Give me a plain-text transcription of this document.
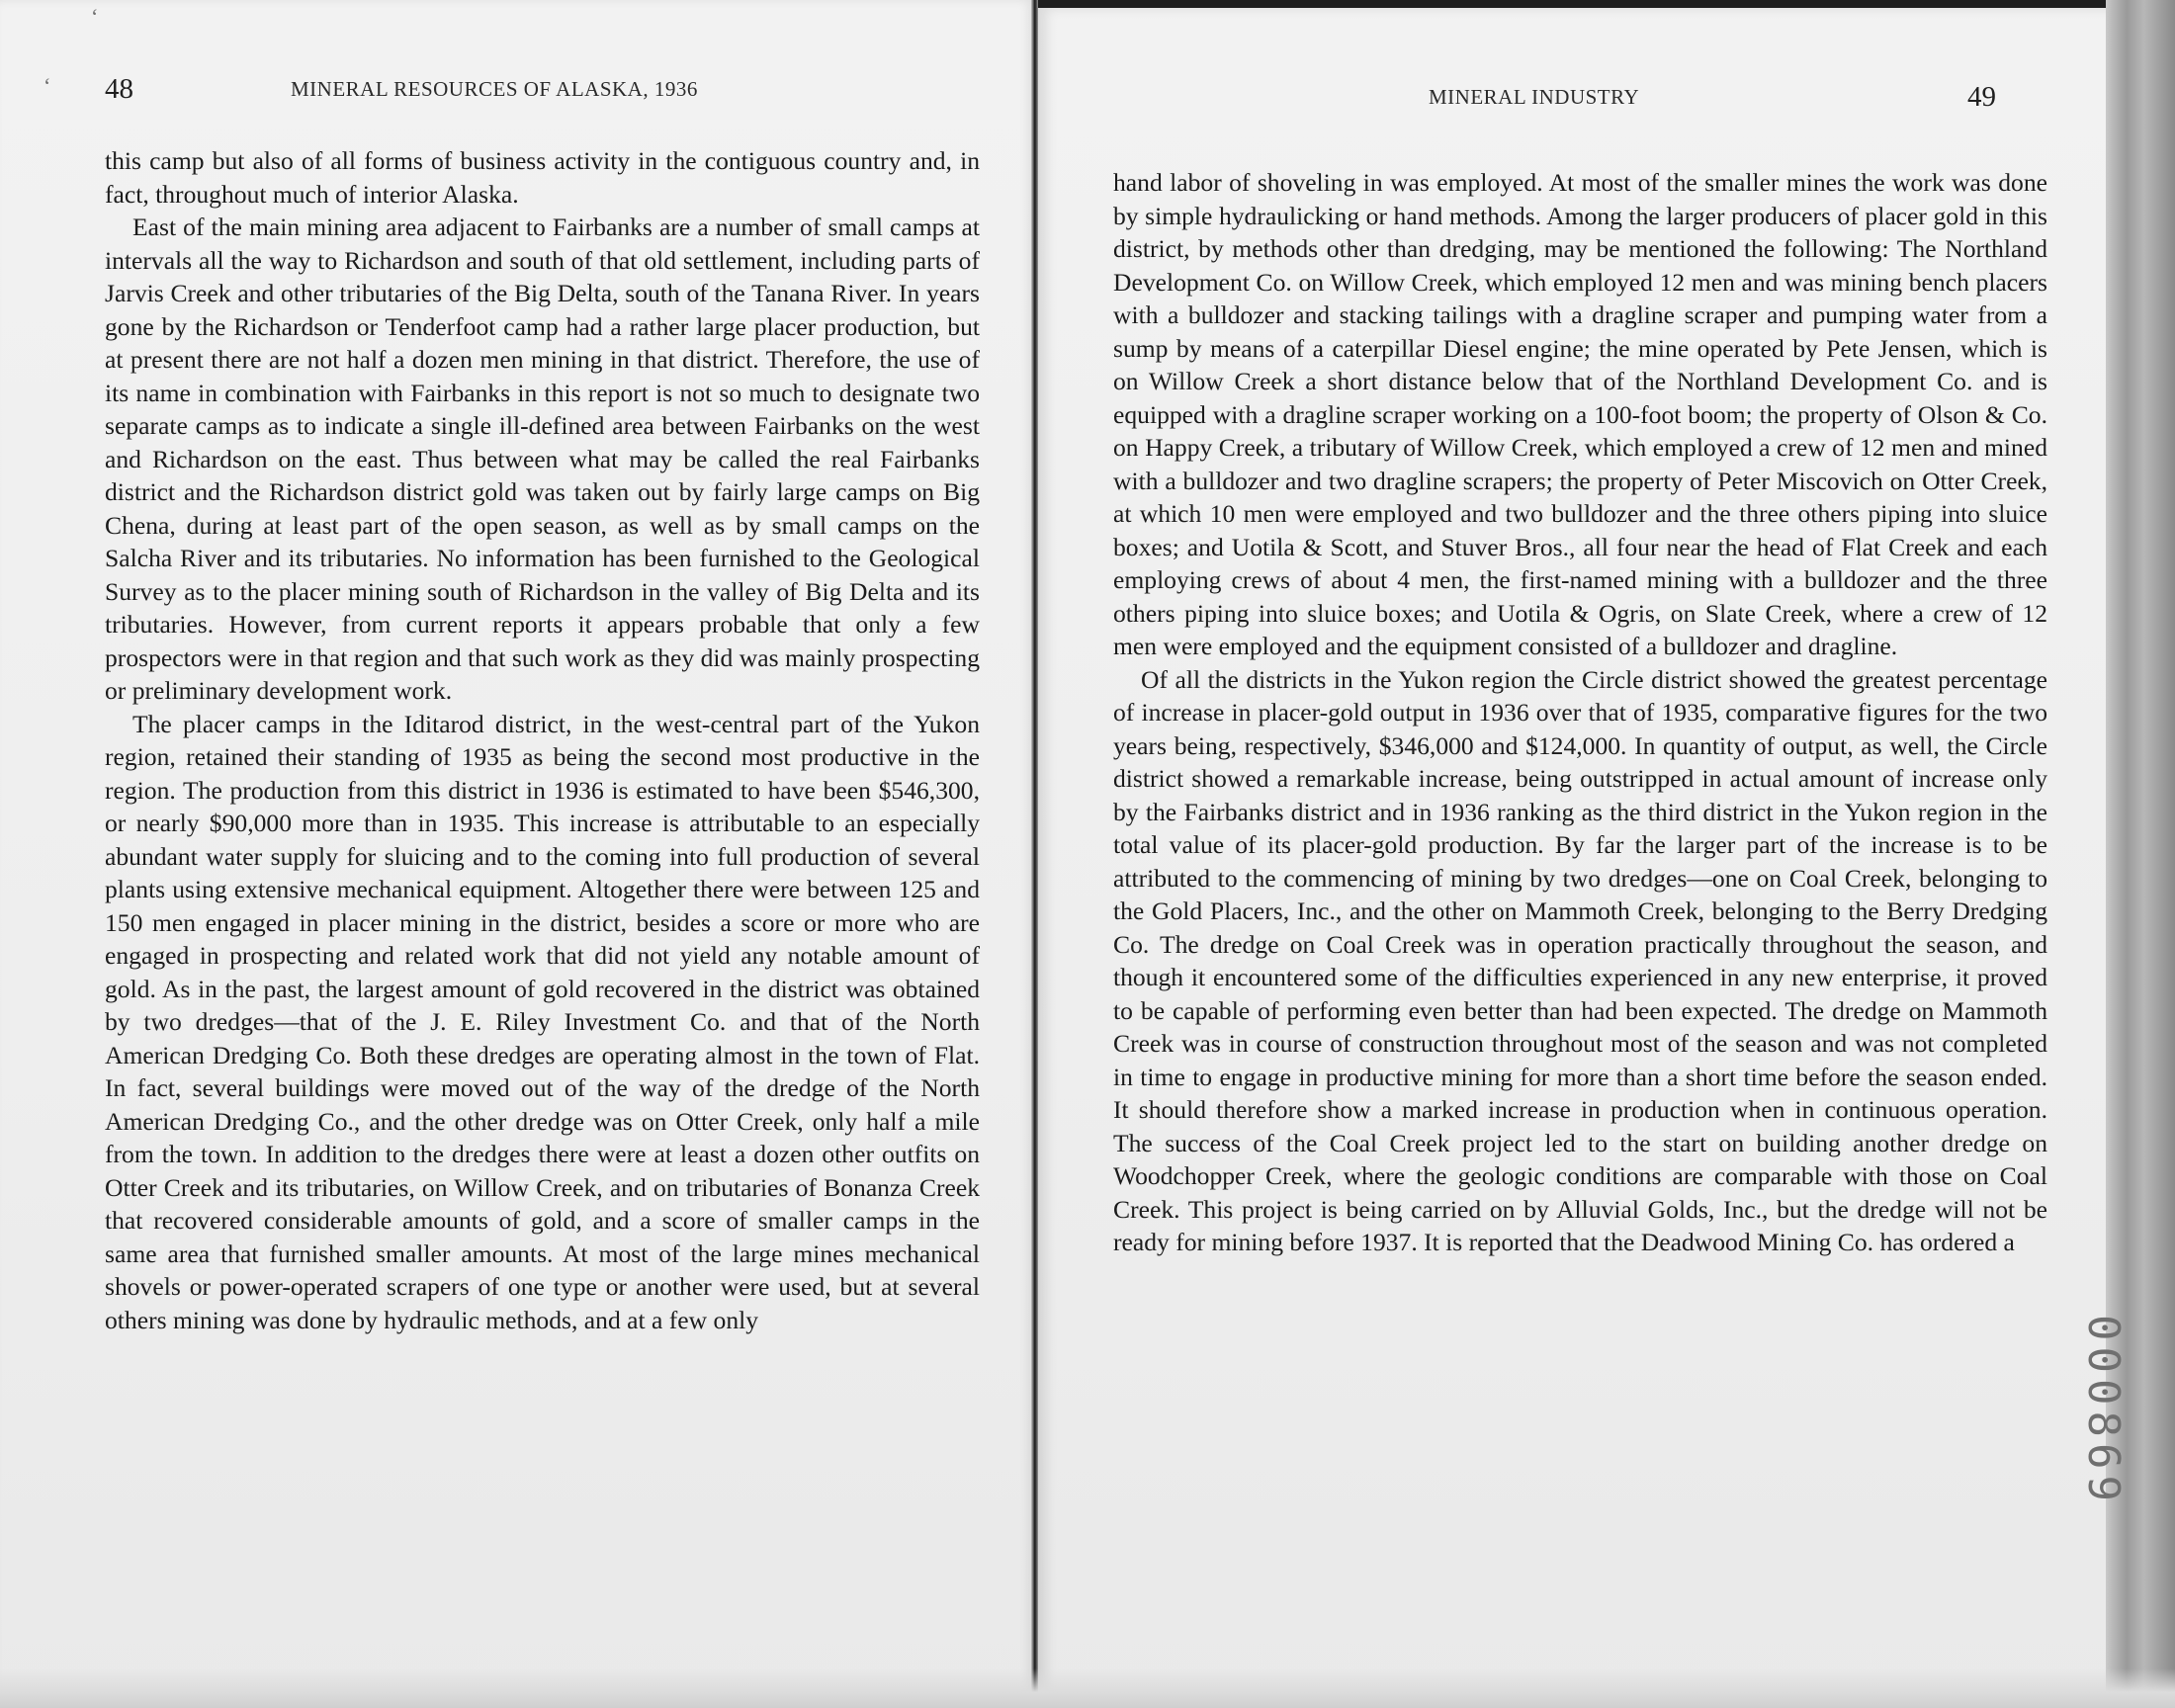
‘
‘ 48	MINERAL RESOURCES OF ALASKA, 1936

this camp but also of all forms of business activity in the contiguous country and, in fact, throughout much of interior Alaska.

East of the main mining area adjacent to Fairbanks are a number of small camps at intervals all the way to Richardson and south of that old settlement, including parts of Jarvis Creek and other tributaries of the Big Delta, south of the Tanana River. In years gone by the Richardson or Tenderfoot camp had a rather large placer production, but at present there are not half a dozen men mining in that district. Therefore, the use of its name in combination with Fairbanks in this report is not so much to designate two separate camps as to indicate a single ill-defined area between Fairbanks on the west and Richardson on the east. Thus between what may be called the real Fairbanks district and the Richardson district gold was taken out by fairly large camps on Big Chena, during at least part of the open season, as well as by small camps on the Salcha River and its tributaries. No information has been furnished to the Geological Survey as to the placer mining south of Richardson in the valley of Big Delta and its tributaries. However, from current reports it appears probable that only a few prospectors were in that region and that such work as they did was mainly prospecting or preliminary development work.

The placer camps in the Iditarod district, in the west-central part of the Yukon region, retained their standing of 1935 as being the second most productive in the region. The production from this district in 1936 is estimated to have been $546,300, or nearly $90,000 more than in 1935. This increase is attributable to an especially abundant water supply for sluicing and to the coming into full production of several plants using extensive mechanical equipment. Altogether there were between 125 and 150 men engaged in placer mining in the district, besides a score or more who are engaged in prospecting and related work that did not yield any notable amount of gold. As in the past, the largest amount of gold recovered in the district was obtained by two dredges—that of the J. E. Riley Investment Co. and that of the North American Dredging Co. Both these dredges are operating almost in the town of Flat. In fact, several buildings were moved out of the way of the dredge of the North American Dredging Co., and the other dredge was on Otter Creek, only half a mile from the town. In addition to the dredges there were at least a dozen other outfits on Otter Creek and its tributaries, on Willow Creek, and on tributaries of Bonanza Creek that recovered considerable amounts of gold, and a score of smaller camps in the same area that furnished smaller amounts. At most of the large mines mechanical shovels or power-operated scrapers of one type or another were used, but at several others mining was done by hydraulic methods, and at a few only

MINERAL INDUSTRY	49

hand labor of shoveling in was employed. At most of the smaller mines the work was done by simple hydraulicking or hand methods. Among the larger producers of placer gold in this district, by methods other than dredging, may be mentioned the following: The Northland Development Co. on Willow Creek, which employed 12 men and was mining bench placers with a bulldozer and stacking tailings with a dragline scraper and pumping water from a sump by means of a caterpillar Diesel engine; the mine operated by Pete Jensen, which is on Willow Creek a short distance below that of the Northland Development Co. and is equipped with a dragline scraper working on a 100-foot boom; the property of Olson & Co. on Happy Creek, a tributary of Willow Creek, which employed a crew of 12 men and mined with a bulldozer and two dragline scrapers; the property of Peter Miscovich on Otter Creek, at which 10 men were employed and two bulldozer and the three others piping into sluice boxes; and Uotila & Scott, and Stuver Bros., all four near the head of Flat Creek and each employing crews of about 4 men, the first-named mining with a bulldozer and the three others piping into sluice boxes; and Uotila & Ogris, on Slate Creek, where a crew of 12 men were employed and the equipment consisted of a bulldozer and dragline.

Of all the districts in the Yukon region the Circle district showed the greatest percentage of increase in placer-gold output in 1936 over that of 1935, comparative figures for the two years being, respectively, $346,000 and $124,000. In quantity of output, as well, the Circle district showed a remarkable increase, being outstripped in actual amount of increase only by the Fairbanks district and in 1936 ranking as the third district in the Yukon region in the total value of its placer-gold production. By far the larger part of the increase is to be attributed to the commencing of mining by two dredges—one on Coal Creek, belonging to the Gold Placers, Inc., and the other on Mammoth Creek, belonging to the Berry Dredging Co. The dredge on Coal Creek was in operation practically throughout the season, and though it encountered some of the difficulties experienced in any new enterprise, it proved to be capable of performing even better than had been expected. The dredge on Mammoth Creek was in course of construction throughout most of the season and was not completed in time to engage in productive mining for more than a short time before the season ended. It should therefore show a marked increase in production when in continuous operation. The success of the Coal Creek project led to the start on building another dredge on Woodchopper Creek, where the geologic conditions are comparable with those on Coal Creek. This project is being carried on by Alluvial Golds, Inc., but the dredge will not be ready for mining before 1937. It is reported that the Deadwood Mining Co. has ordered a

000869
